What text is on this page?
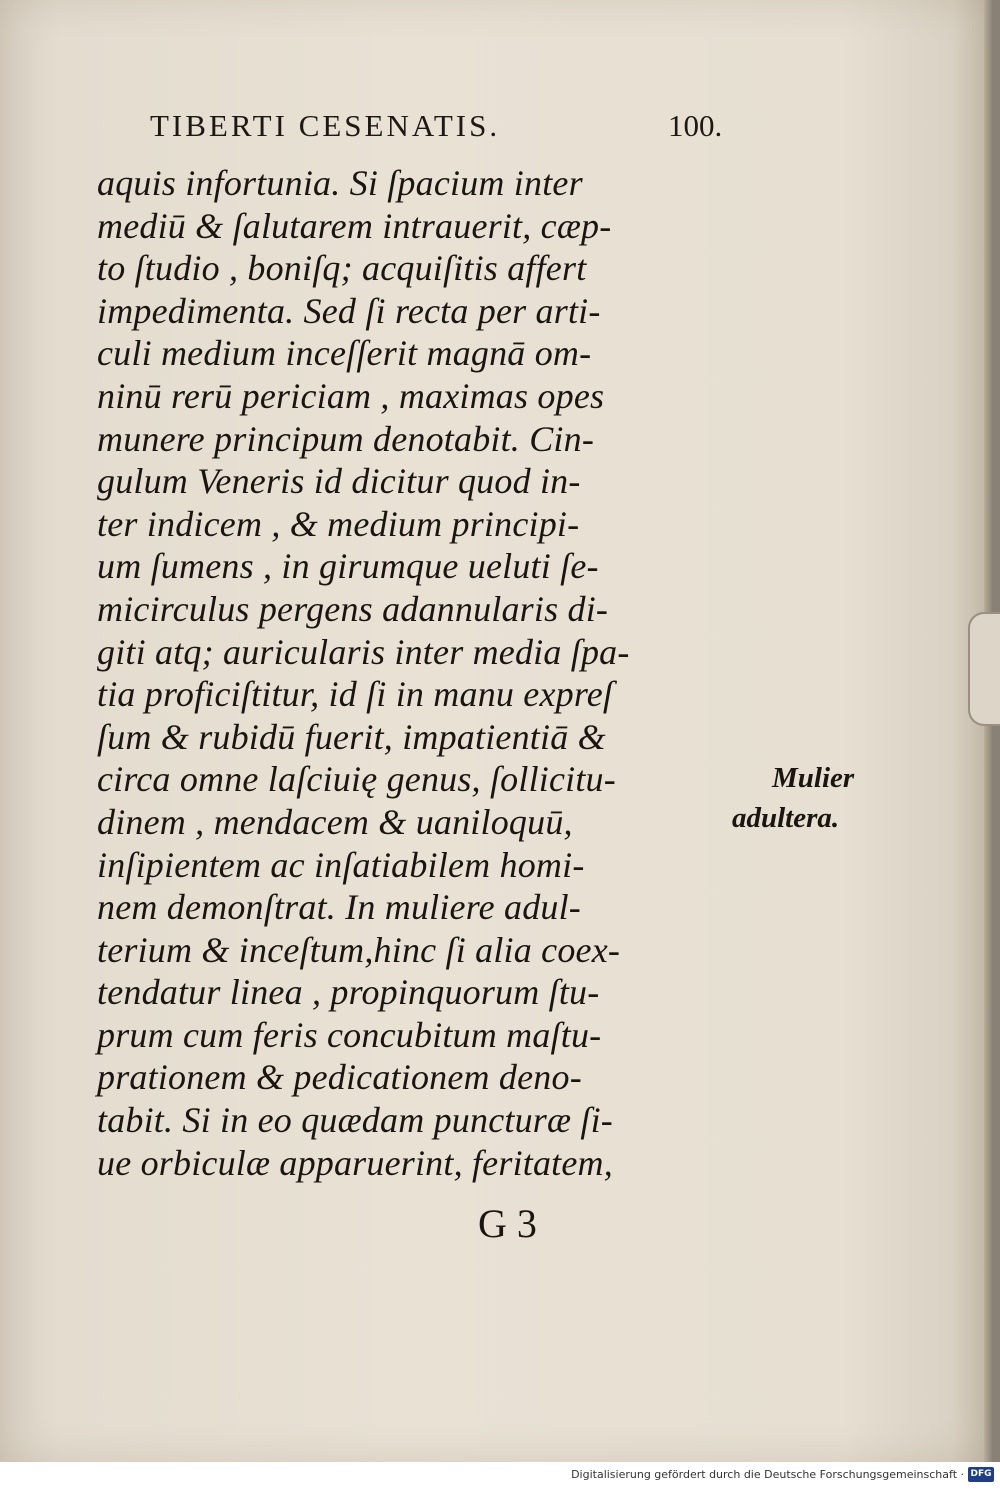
TIBERTI CESENATIS.	100.
aquis infortunia. Si ſpacium inter
mediū & ſalutarem intrauerit, cæp-
to ſtudio , boniſq; acquiſitis affert
impedimenta. Sed ſi recta per arti-
culi medium inceſſerit magnā om-
ninū rerū periciam , maximas opes
munere principum denotabit. Cin-
gulum Veneris id dicitur quod in-
ter indicem , & medium principi-
um ſumens , in girumque ueluti ſe-
micirculus pergens adannularis di-
giti atq; auricularis inter media ſpa-
tia proficiſtitur, id ſi in manu expreſ
ſum & rubidū fuerit, impatientiā &
circa omne laſciuię genus, ſollicitu-
dinem , mendacem & uaniloquū,
inſipientem ac inſatiabilem homi-
nem demonſtrat. In muliere adul-
terium & inceſtum,hinc ſi alia coex-
tendatur linea , propinquorum ſtu-
prum cum feris concubitum maſtu-
prationem & pedicationem deno-
tabit. Si in eo quædam puncturæ ſi-
ue orbiculæ apparuerint, feritatem,
Mulier
adultera.
G 3
Digitalisierung gefördert durch die Deutsche Forschungsgemeinschaft · DFG
